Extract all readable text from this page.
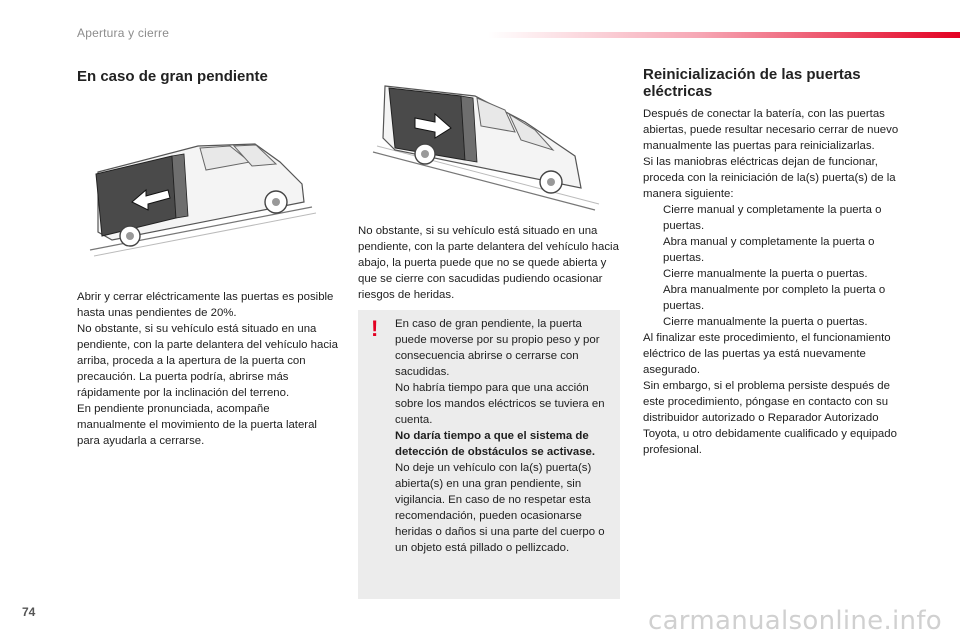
Apertura y cierre
En caso de gran pendiente

Abrir y cerrar eléctricamente las puertas es posible hasta unas pendientes de 20%.
No obstante, si su vehículo está situado en una pendiente, con la parte delantera del vehículo hacia arriba, proceda a la apertura de la puerta con precaución. La puerta podría, abrirse más rápidamente por la inclinación del terreno.
En pendiente pronunciada, acompañe manualmente el movimiento de la puerta lateral para ayudarla a cerrarse.

No obstante, si su vehículo está situado en una pendiente, con la parte delantera del vehículo hacia abajo, la puerta puede que no se quede abierta y que se cierre con sacudidas pudiendo ocasionar riesgos de heridas.

! En caso de gran pendiente, la puerta puede moverse por su propio peso y por consecuencia abrirse o cerrarse con sacudidas.
No habría tiempo para que una acción sobre los mandos eléctricos se tuviera en cuenta.

No daría tiempo a que el sistema de detección de obstáculos se activase.

No deje un vehículo con la(s) puerta(s) abierta(s) en una gran pendiente, sin vigilancia. En caso de no respetar esta recomendación, pueden ocasionarse heridas o daños si una parte del cuerpo o un objeto está pillado o pellizcado.

Reinicialización de las puertas eléctricas

Después de conectar la batería, con las puertas abiertas, puede resultar necesario cerrar de nuevo manualmente las puertas para reinicializarlas.
Si las maniobras eléctricas dejan de funcionar, proceda con la reiniciación de la(s) puerta(s) de la manera siguiente:

Cierre manual y completamente la puerta o puertas.
Abra manual y completamente la puerta o puertas.
Cierre manualmente la puerta o puertas.
Abra manualmente por completo la puerta o puertas.
Cierre manualmente la puerta o puertas.

Al finalizar este procedimiento, el funcionamiento eléctrico de las puertas ya está nuevamente asegurado.
Sin embargo, si el problema persiste después de este procedimiento, póngase en contacto con su distribuidor autorizado o Reparador Autorizado Toyota, u otro debidamente cualificado y equipado profesional.

74	carmanualsonline.info
